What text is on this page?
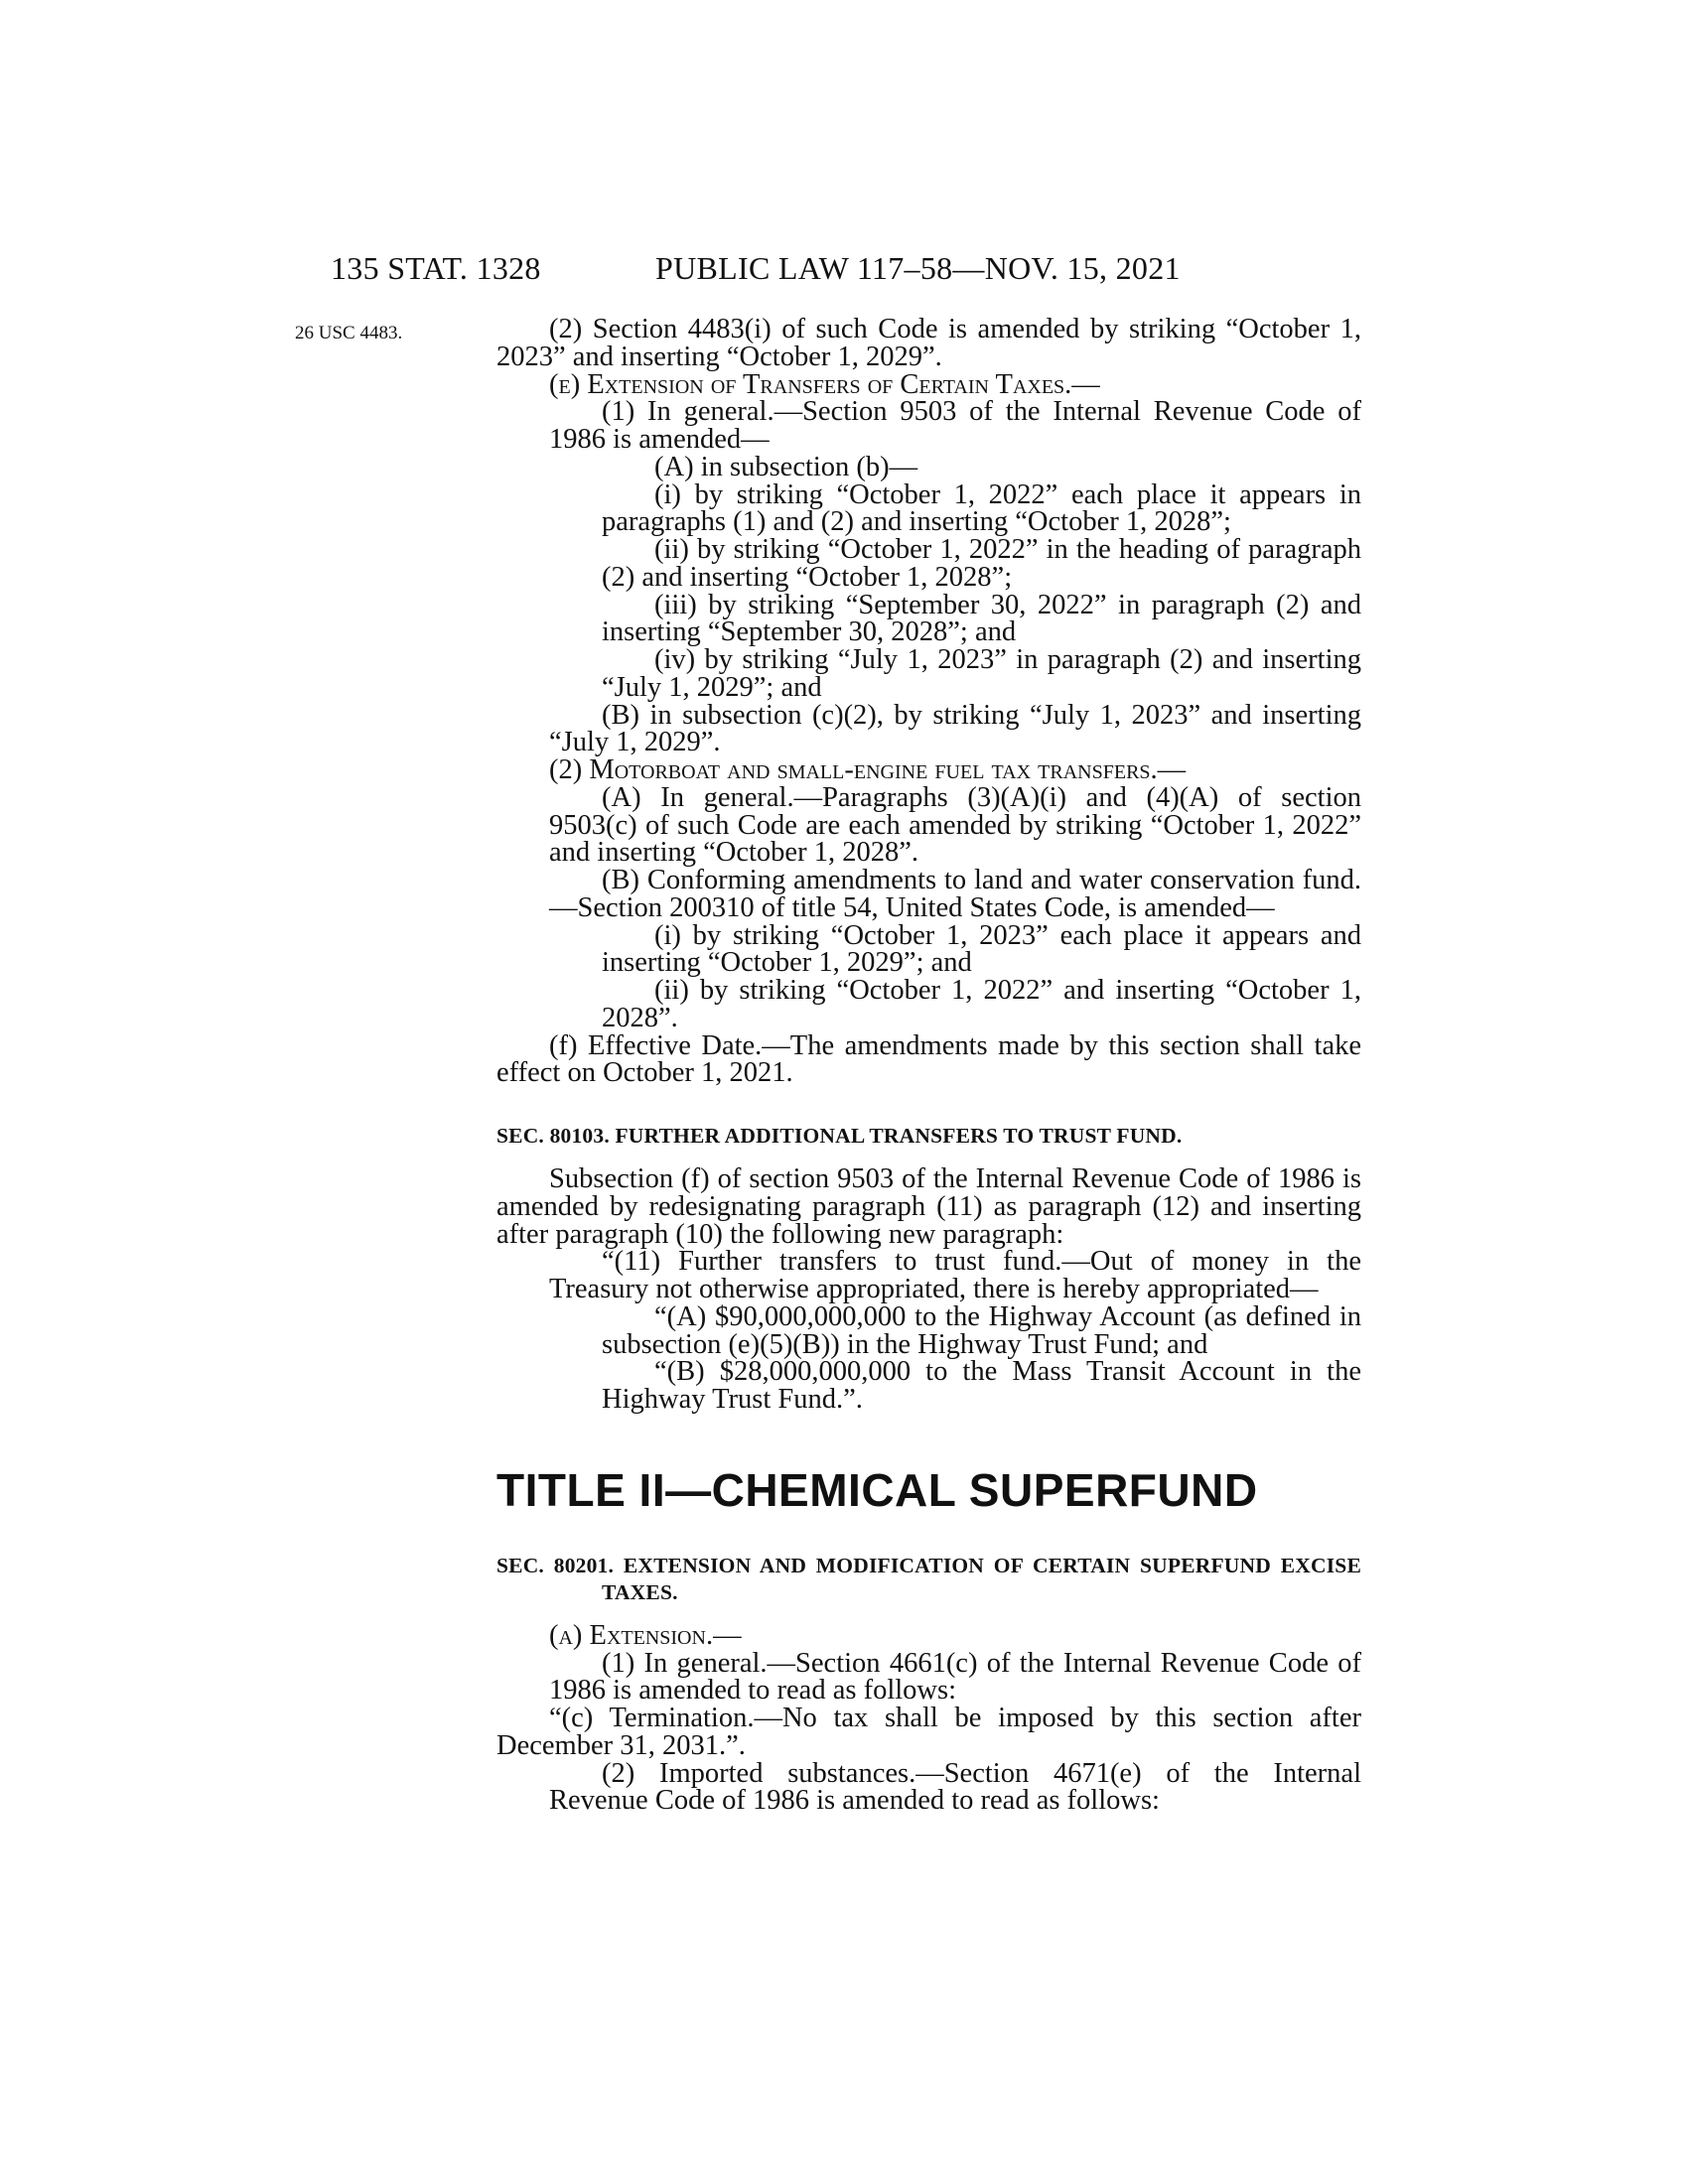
135 STAT. 1328	PUBLIC LAW 117–58—NOV. 15, 2021
26 USC 4483.	(2) Section 4483(i) of such Code is amended by striking “October 1, 2023” and inserting “October 1, 2029”.

(e) Extension of Transfers of Certain Taxes.—

(1) In general.—Section 9503 of the Internal Revenue Code of 1986 is amended—

(A) in subsection (b)—

(i) by striking “October 1, 2022” each place it appears in paragraphs (1) and (2) and inserting “October 1, 2028”;

(ii) by striking “October 1, 2022” in the heading of paragraph (2) and inserting “October 1, 2028”;

(iii) by striking “September 30, 2022” in paragraph (2) and inserting “September 30, 2028”; and

(iv) by striking “July 1, 2023” in paragraph (2) and inserting “July 1, 2029”; and

(B) in subsection (c)(2), by striking “July 1, 2023” and inserting “July 1, 2029”.

(2) Motorboat and small-engine fuel tax transfers.—

(A) In general.—Paragraphs (3)(A)(i) and (4)(A) of section 9503(c) of such Code are each amended by striking “October 1, 2022” and inserting “October 1, 2028”.

(B) Conforming amendments to land and water conservation fund.—Section 200310 of title 54, United States Code, is amended—

(i) by striking “October 1, 2023” each place it appears and inserting “October 1, 2029”; and

(ii) by striking “October 1, 2022” and inserting “October 1, 2028”.

(f) Effective Date.—The amendments made by this section shall take effect on October 1, 2021.

SEC. 80103. FURTHER ADDITIONAL TRANSFERS TO TRUST FUND.

Subsection (f) of section 9503 of the Internal Revenue Code of 1986 is amended by redesignating paragraph (11) as paragraph (12) and inserting after paragraph (10) the following new paragraph:

“(11) Further transfers to trust fund.—Out of money in the Treasury not otherwise appropriated, there is hereby appropriated—

“(A) $90,000,000,000 to the Highway Account (as defined in subsection (e)(5)(B)) in the Highway Trust Fund; and

“(B) $28,000,000,000 to the Mass Transit Account in the Highway Trust Fund.”.

TITLE II—CHEMICAL SUPERFUND

SEC. 80201. EXTENSION AND MODIFICATION OF CERTAIN SUPERFUND EXCISE TAXES.

(a) Extension.—

(1) In general.—Section 4661(c) of the Internal Revenue Code of 1986 is amended to read as follows:

“(c) Termination.—No tax shall be imposed by this section after December 31, 2031.”.

(2) Imported substances.—Section 4671(e) of the Internal Revenue Code of 1986 is amended to read as follows:
